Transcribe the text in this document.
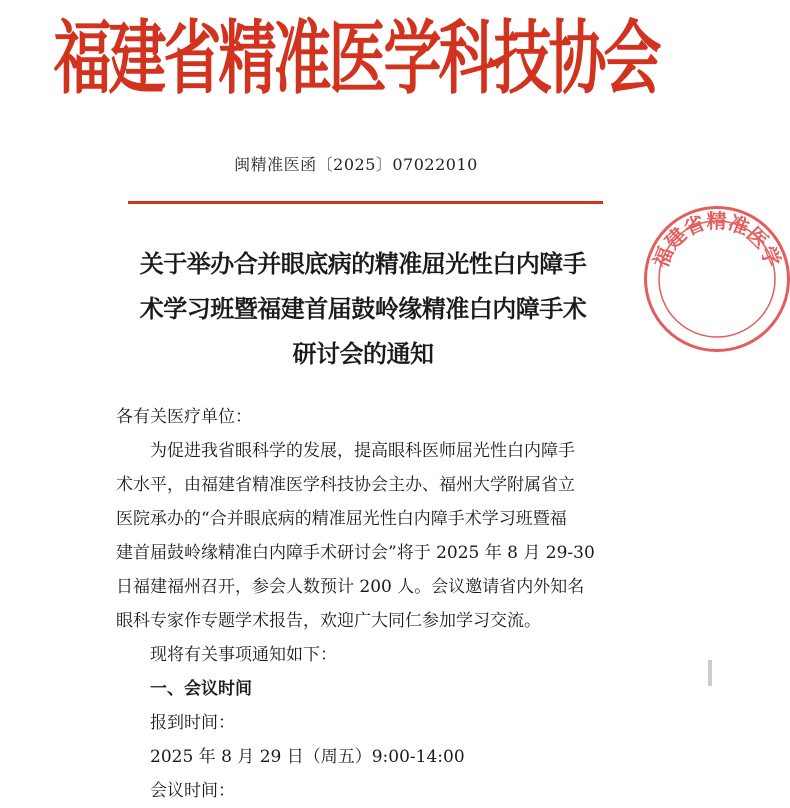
福建省精准医学科技协会
闽精准医函〔2025〕07022010
福建省精准医学
关于举办合并眼底病的精准屈光性白内障手
术学习班暨福建首届鼓岭缘精准白内障手术
研讨会的通知
各有关医疗单位：
为促进我省眼科学的发展，提高眼科医师屈光性白内障手
术水平，由福建省精准医学科技协会主办、福州大学附属省立
医院承办的“合并眼底病的精准屈光性白内障手术学习班暨福
建首届鼓岭缘精准白内障手术研讨会”将于 2025 年 8 月 29-30
日福建福州召开，参会人数预计 200 人。会议邀请省内外知名
眼科专家作专题学术报告，欢迎广大同仁参加学习交流。
现将有关事项通知如下：
一、会议时间
报到时间：
2025 年 8 月 29 日（周五）9:00-14:00
会议时间：
